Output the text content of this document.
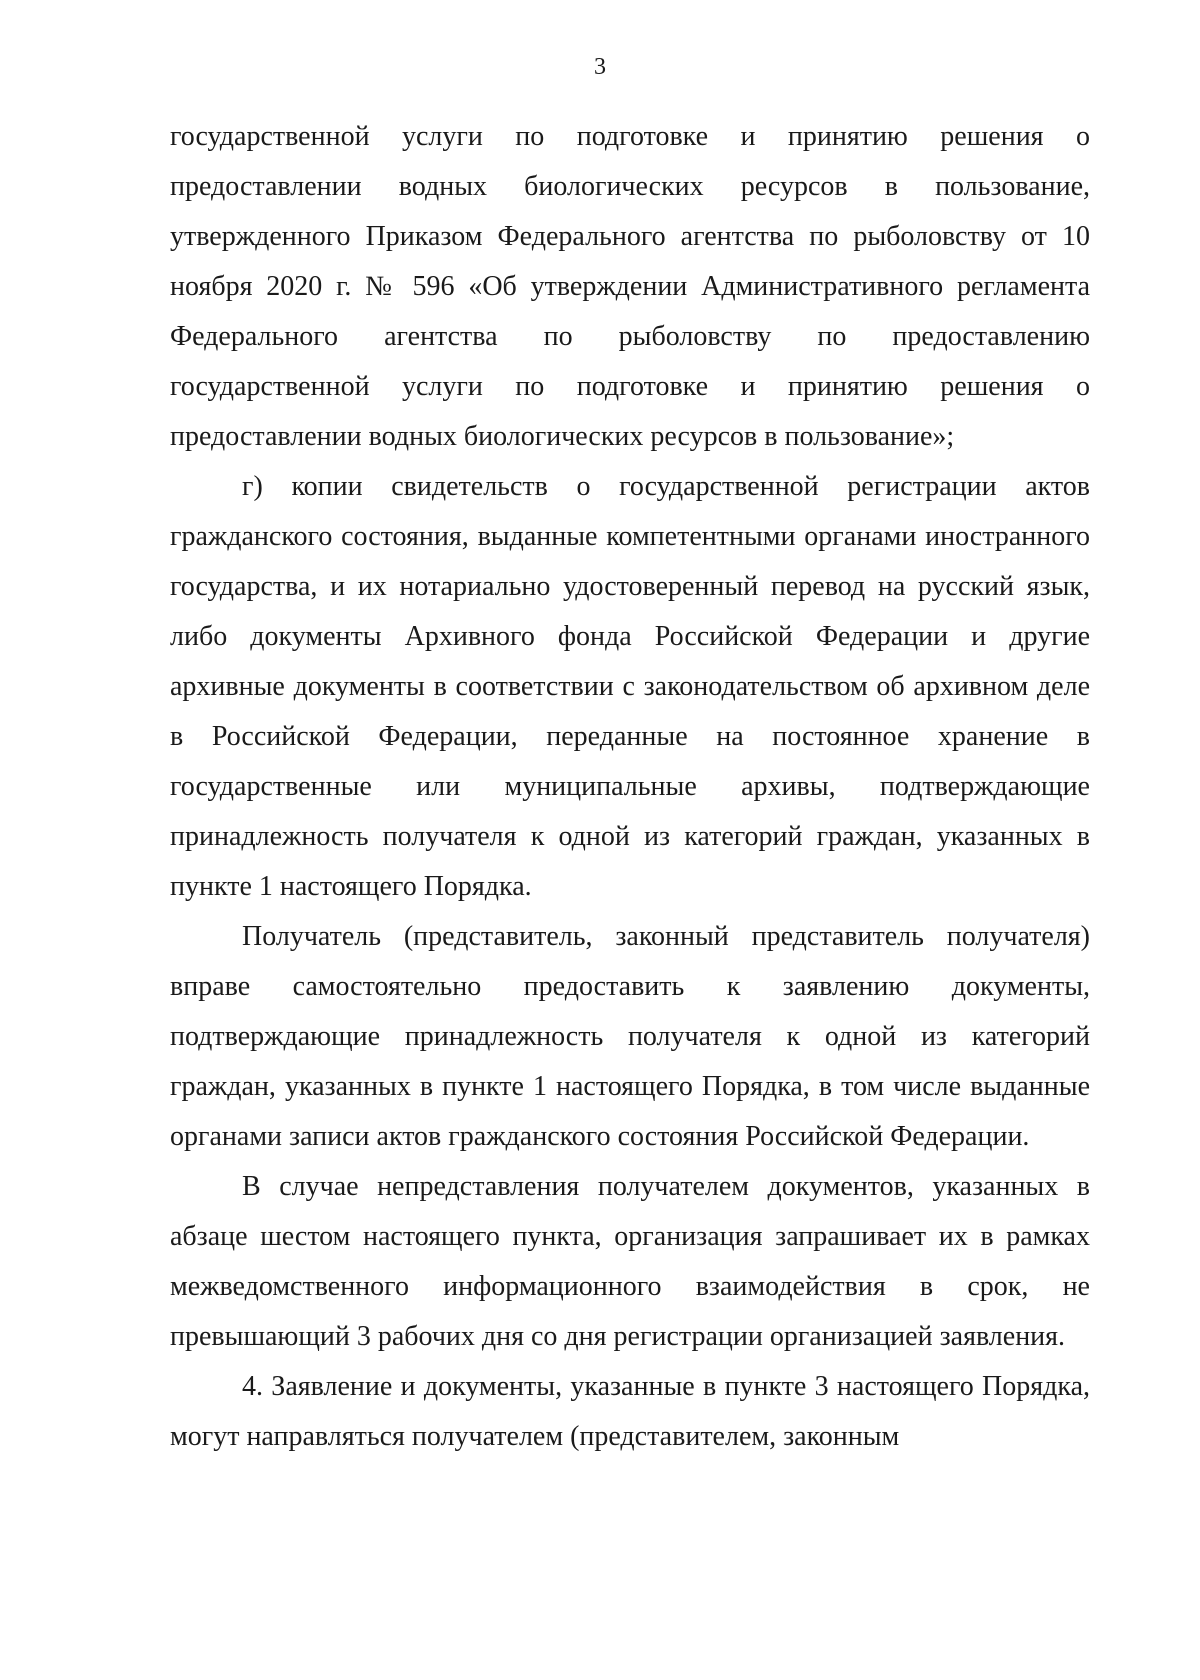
3

государственной услуги по подготовке и принятию решения о предоставлении водных биологических ресурсов в пользование, утвержденного Приказом Федерального агентства по рыболовству от 10 ноября 2020 г. № 596 «Об утверждении Административного регламента Федерального агентства по рыболовству по предоставлению государственной услуги по подготовке и принятию решения о предоставлении водных биологических ресурсов в пользование»;

г) копии свидетельств о государственной регистрации актов гражданского состояния, выданные компетентными органами иностранного государства, и их нотариально удостоверенный перевод на русский язык, либо документы Архивного фонда Российской Федерации и другие архивные документы в соответствии с законодательством об архивном деле в Российской Федерации, переданные на постоянное хранение в государственные или муниципальные архивы, подтверждающие принадлежность получателя к одной из категорий граждан, указанных в пункте 1 настоящего Порядка.

Получатель (представитель, законный представитель получателя) вправе самостоятельно предоставить к заявлению документы, подтверждающие принадлежность получателя к одной из категорий граждан, указанных в пункте 1 настоящего Порядка, в том числе выданные органами записи актов гражданского состояния Российской Федерации.

В случае непредставления получателем документов, указанных в абзаце шестом настоящего пункта, организация запрашивает их в рамках межведомственного информационного взаимодействия в срок, не превышающий 3 рабочих дня со дня регистрации организацией заявления.

4. Заявление и документы, указанные в пункте 3 настоящего Порядка, могут направляться получателем (представителем, законным
